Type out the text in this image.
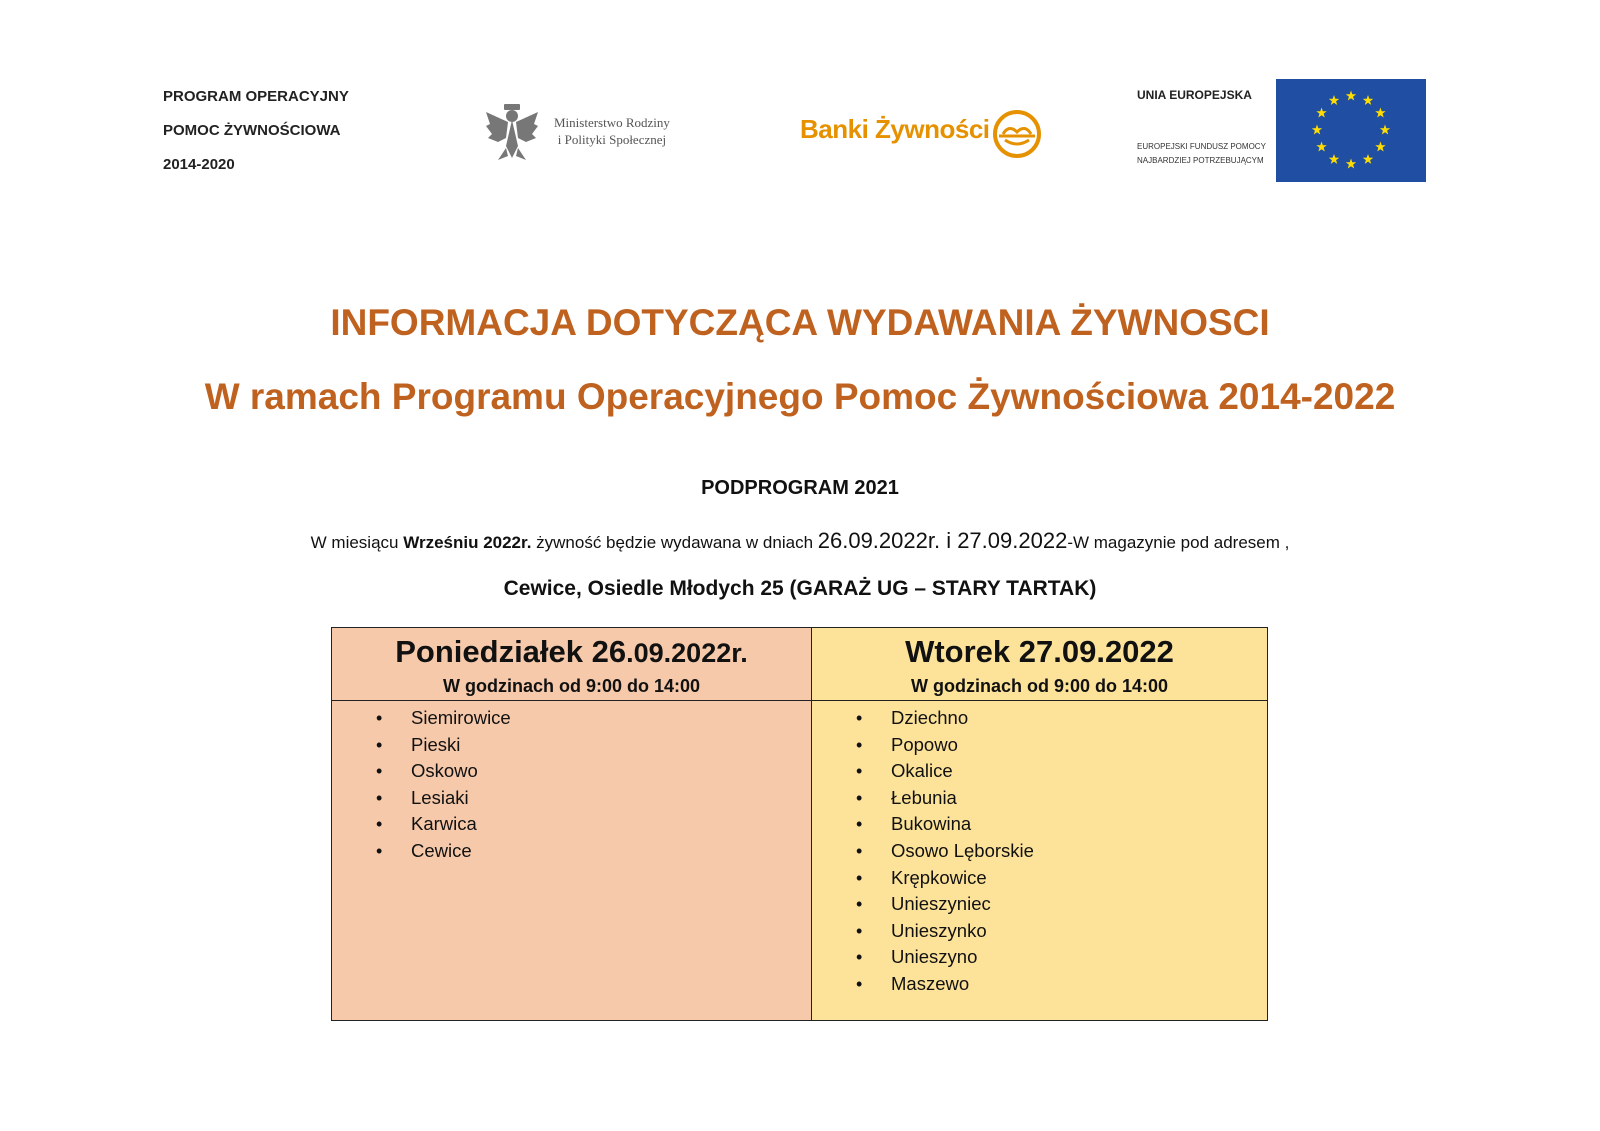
PROGRAM OPERACYJNY
POMOC ŻYWNOŚCIOWA
2014-2020
Ministerstwo Rodziny
i Polityki Społecznej	Banki Żywności
UNIA EUROPEJSKA
EUROPEJSKI FUNDUSZ POMOCY
NAJBARDZIEJ POTRZEBUJĄCYM
INFORMACJA DOTYCZĄCA WYDAWANIA ŻYWNOSCI
W ramach Programu Operacyjnego Pomoc Żywnościowa 2014-2022
PODPROGRAM 2021
W miesiącu Wrześniu 2022r. żywność będzie wydawana w dniach 26.09.2022r. i 27.09.2022-W magazynie pod adresem ,
Cewice, Osiedle Młodych 25 (GARAŻ UG – STARY TARTAK)
Poniedziałek 26.09.2022r.
W godzinach od 9:00 do 14:00
• Siemirowice
• Pieski
• Oskowo
• Lesiaki
• Karwica
• Cewice
Wtorek 27.09.2022
W godzinach od 9:00 do 14:00
• Dziechno
• Popowo
• Okalice
• Łebunia
• Bukowina
• Osowo Lęborskie
• Krępkowice
• Unieszyniec
• Unieszynko
• Unieszyno
• Maszewo
